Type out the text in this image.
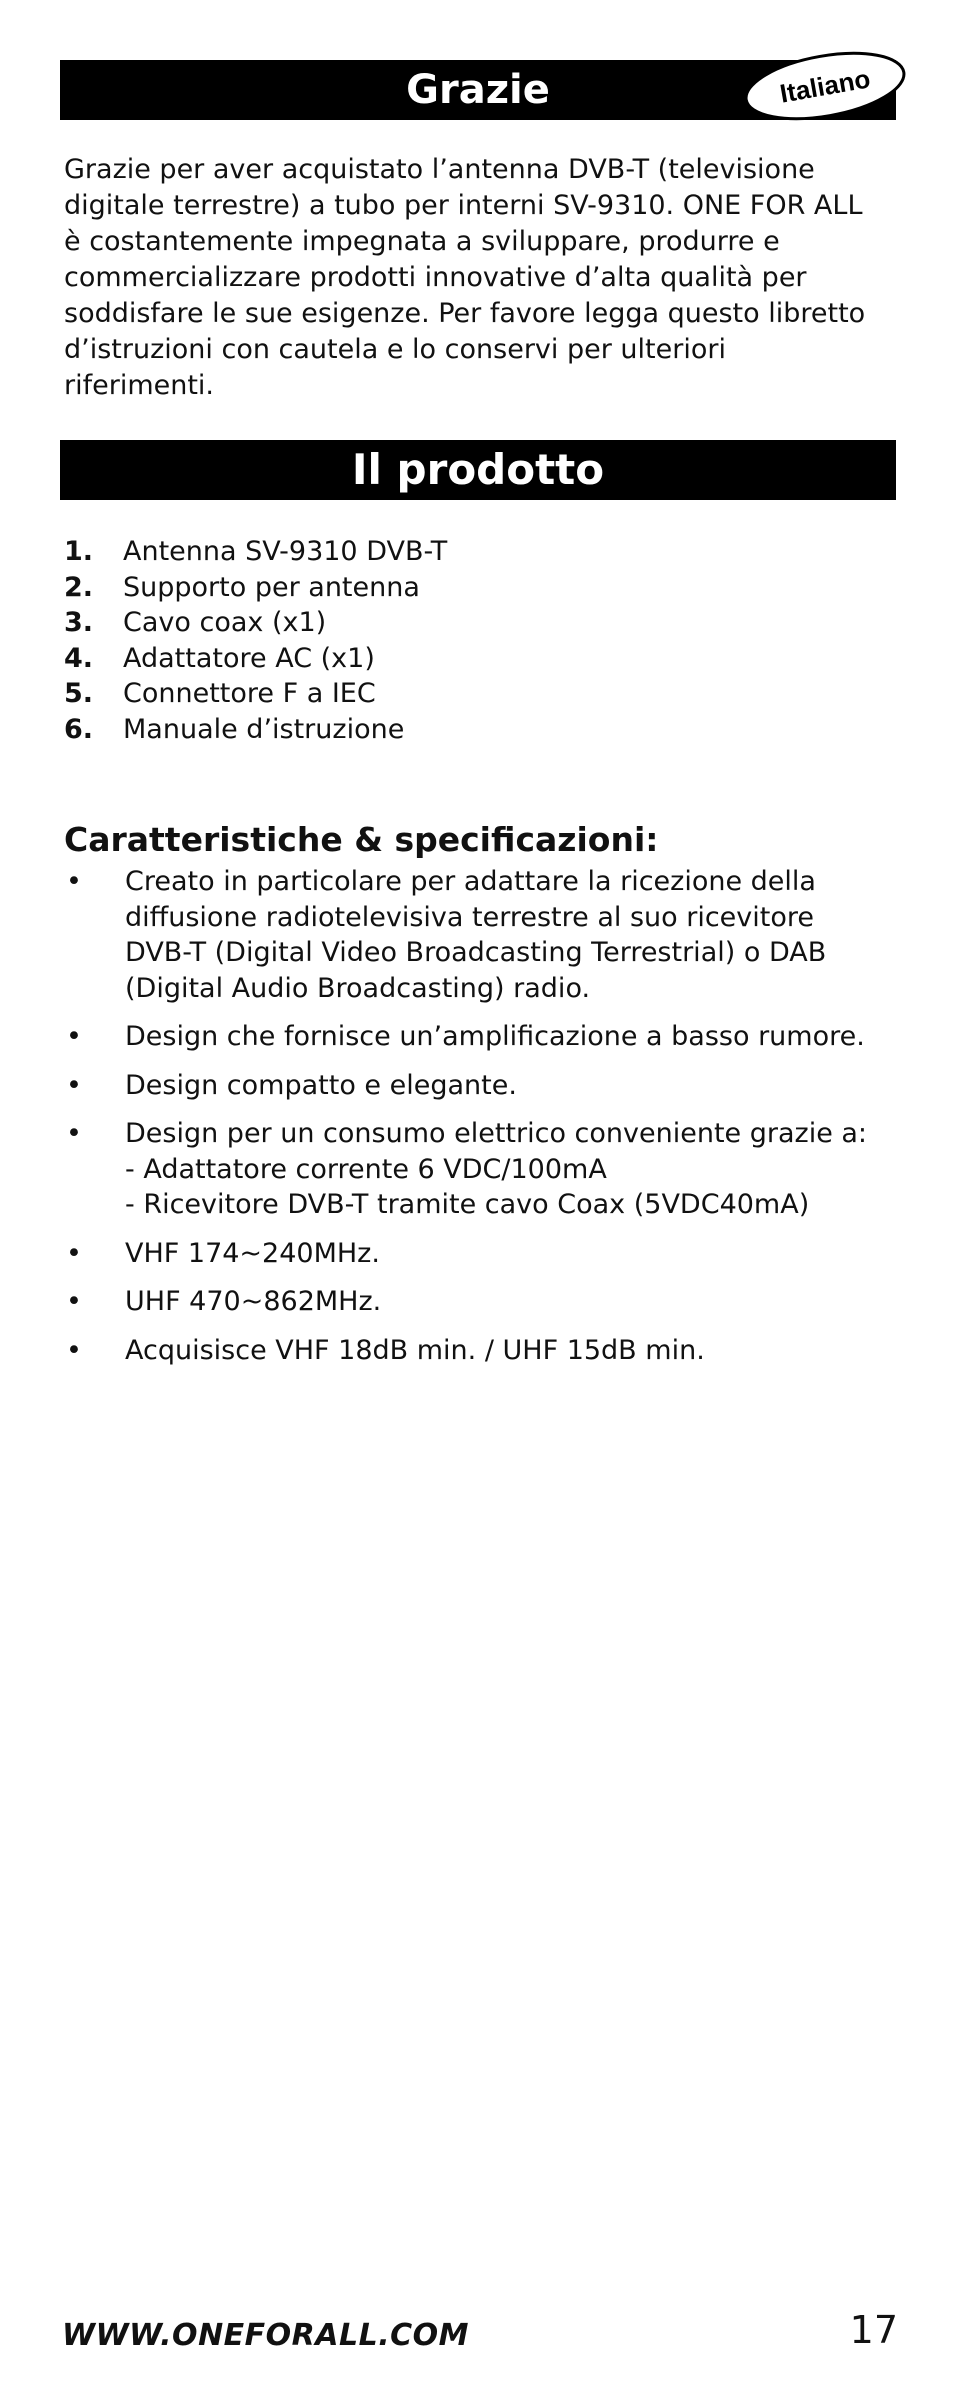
Grazie	Italiano
Grazie per aver acquistato l’antenna DVB-T (televisione
digitale terrestre) a tubo per interni SV-9310. ONE FOR ALL
è costantemente impegnata a sviluppare, produrre e
commercializzare prodotti innovative d’alta qualità per
soddisfare le sue esigenze. Per favore legga questo libretto
d’istruzioni con cautela e lo conservi per ulteriori
riferimenti.
Il prodotto
1.	Antenna SV-9310 DVB-T
2.	Supporto per antenna
3.	Cavo coax (x1)
4.	Adattatore AC (x1)
5.	Connettore F a IEC
6.	Manuale d’istruzione
Caratteristiche & specificazioni:
•	Creato in particolare per adattare la ricezione della
diffusione radiotelevisiva terrestre al suo ricevitore
DVB-T (Digital Video Broadcasting Terrestrial) o DAB
(Digital Audio Broadcasting) radio.
•	Design che fornisce un’amplificazione a basso rumore.
•	Design compatto e elegante.
•	Design per un consumo elettrico conveniente grazie a:
- Adattatore corrente 6 VDC/100mA
- Ricevitore DVB-T tramite cavo Coax (5VDC40mA)
•	VHF 174~240MHz.
•	UHF 470~862MHz.
•	Acquisisce VHF 18dB min. / UHF 15dB min.
WWW.ONEFORALL.COM	17
